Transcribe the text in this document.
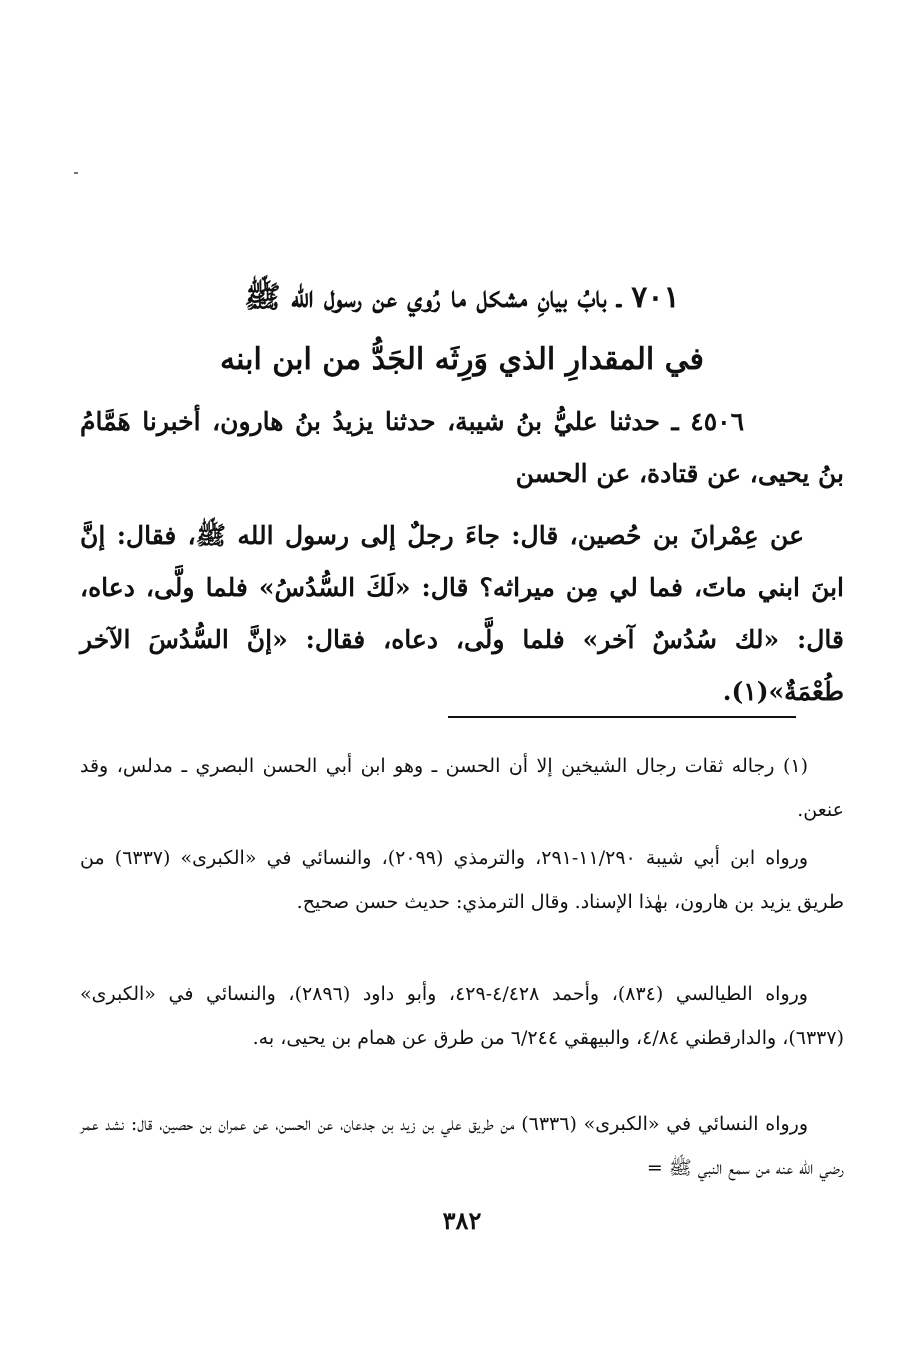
٧٠١ ـ بابُ بيانِ مشكل ما رُوي عن رسول الله ﷺ
في المقدارِ الذي وَرِثَه الجَدُّ من ابن ابنه

٤٥٠٦ ـ حدثنا عليُّ بنُ شيبة، حدثنا يزيدُ بنُ هارون، أخبرنا هَمَّامُ بنُ يحيى، عن قتادة، عن الحسن

عن عِمْرانَ بن حُصين، قال: جاءَ رجلٌ إلى رسول الله ﷺ، فقال: إنَّ ابنَ ابني ماتَ، فما لي مِن ميراثه؟ قال: «لَكَ السُّدُسُ» فلما ولَّى، دعاه، قال: «لك سُدُسٌ آخر» فلما ولَّى، دعاه، فقال: «إنَّ السُّدُسَ الآخر طُعْمَةٌ»(١).

(١) رجاله ثقات رجال الشيخين إلا أن الحسن ـ وهو ابن أبي الحسن البصري ـ مدلس، وقد عنعن.

ورواه ابن أبي شيبة ١١/٢٩٠-٢٩١، والترمذي (٢٠٩٩)، والنسائي في «الكبرى» (٦٣٣٧) من طريق يزيد بن هارون، بهٰذا الإسناد. وقال الترمذي: حديث حسن صحيح.

ورواه الطيالسي (٨٣٤)، وأحمد ٤/٤٢٨-٤٢٩، وأبو داود (٢٨٩٦)، والنسائي في «الكبرى» (٦٣٣٧)، والدارقطني ٤/٨٤، والبيهقي ٦/٢٤٤ من طرق عن همام بن يحيى، به.

ورواه النسائي في «الكبرى» (٦٣٣٦) من طريق علي بن زيد بن جدعان، عن الحسن، عن عمران بن حصين، قال: نشد عمر رضي الله عنه من سمع النبي ﷺ =

٣٨٢
